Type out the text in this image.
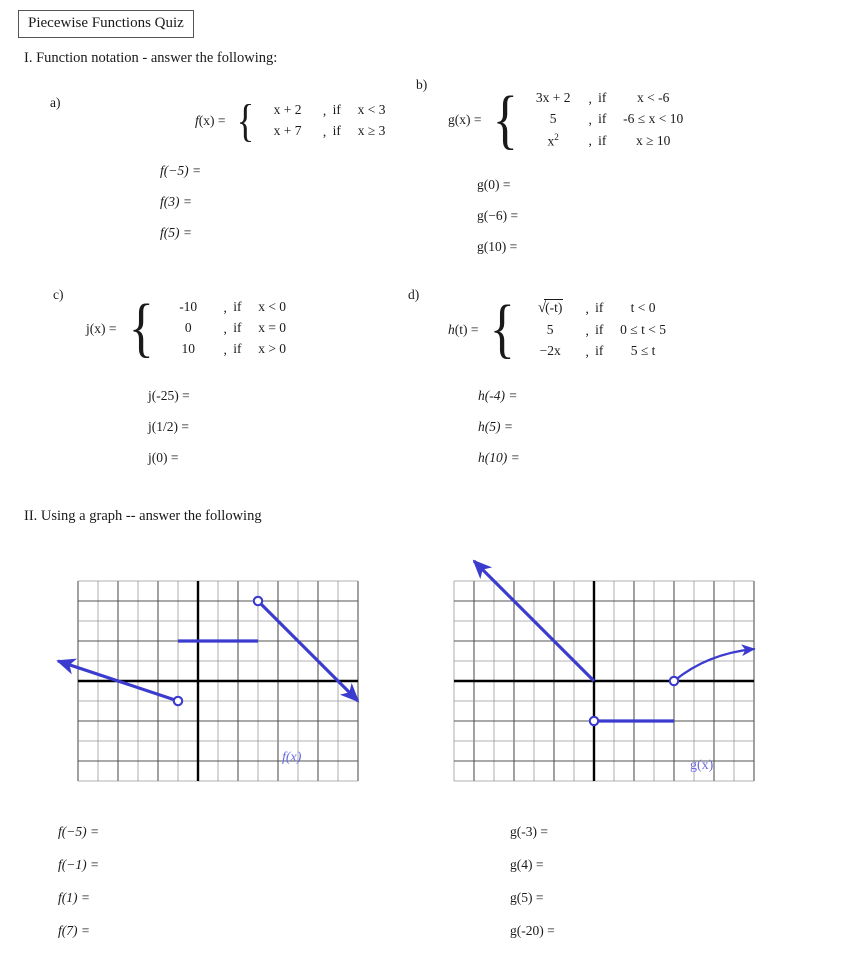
Piecewise Functions Quiz
I. Function notation - answer the following:
a)
f(x) = {	x + 2	,	if	x < 3
x + 7	,	if	x ≥ 3
f(−5) =
f(3) =
f(5) =
b)
g(x) = {	3x + 2	,	if	x < -6
5	,	if	-6 ≤ x < 10
$x^2$	,	if	x ≥ 10
g(0) =
g(−6) =
g(10) =
c)
j(x) = {	-10	,	if	x < 0
0	,	if	x = 0
10	,	if	x > 0
j(-25) =
j(1/2) =
j(0) =
d)
h(t) = {	√(-t)	,	if	t < 0
5	,	if	0 ≤ t < 5
−2x	,	if	5 ≤ t
h(-4) =
h(5) =
h(10) =
II. Using a graph -- answer the following
f(x)
g(x)
f(−5) =
f(−1) =
f(1) =
f(7) =
g(-3) =
g(4) =
g(5) =
g(-20) =
